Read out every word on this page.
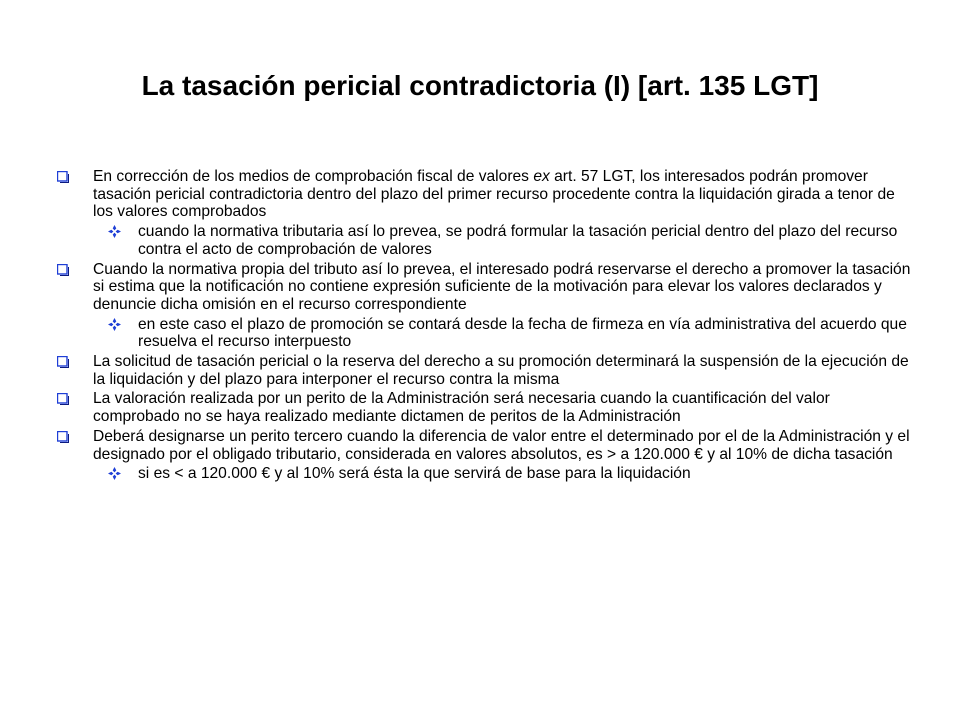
La tasación pericial contradictoria (I) [art. 135 LGT]
En corrección de los medios de comprobación fiscal de valores ex art. 57 LGT, los interesados podrán promover tasación pericial contradictoria dentro del plazo del primer recurso procedente contra la liquidación girada a tenor de los valores comprobados
cuando la normativa tributaria así lo prevea, se podrá formular la tasación pericial dentro del plazo del recurso contra el acto de comprobación de valores
Cuando la normativa propia del tributo así lo prevea, el interesado podrá reservarse el derecho a promover la tasación si estima que la notificación no contiene expresión suficiente de la motivación para elevar los valores declarados y denuncie dicha omisión en el recurso correspondiente
en este caso el plazo de promoción se contará desde la fecha de firmeza en vía administrativa del acuerdo que resuelva el recurso interpuesto
La solicitud de tasación pericial o la reserva del derecho a su promoción determinará la suspensión de la ejecución de la liquidación y del plazo para interponer el recurso contra la misma
La valoración realizada por un perito de la Administración será necesaria cuando la cuantificación del valor comprobado no se haya realizado mediante dictamen de peritos de la Administración
Deberá designarse un perito tercero cuando la diferencia de valor entre el determinado por el de la Administración y el designado por el obligado tributario, considerada en valores absolutos, es > a 120.000 € y al 10% de dicha tasación
si es < a 120.000 € y al 10% será ésta la que servirá de base para la liquidación
